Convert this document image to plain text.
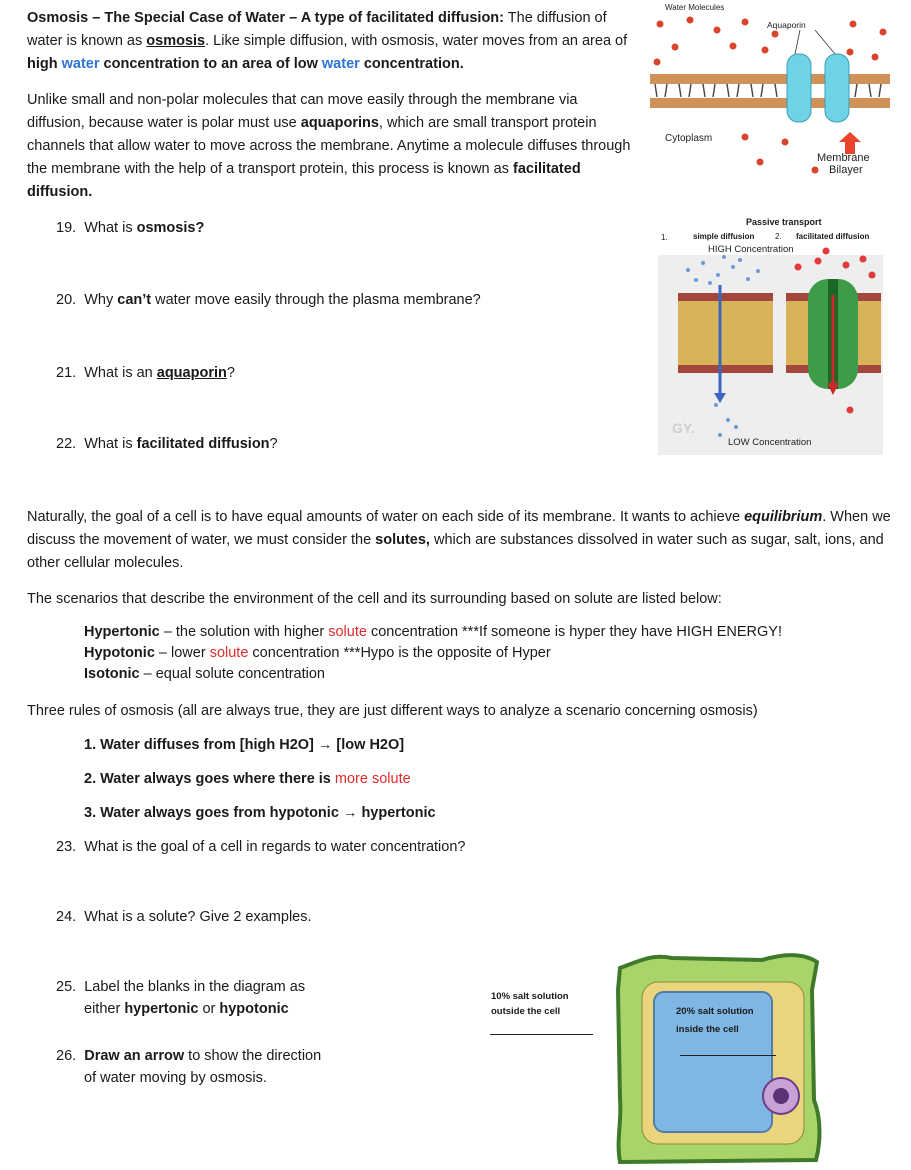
Osmosis – The Special Case of Water – A type of facilitated diffusion: The diffusion of water is known as osmosis. Like simple diffusion, with osmosis, water moves from an area of high water concentration to an area of low water concentration.
Unlike small and non-polar molecules that can move easily through the membrane via diffusion, because water is polar must use aquaporins, which are small transport protein channels that allow water to move across the membrane. Anytime a molecule diffuses through the membrane with the help of a transport protein, this process is known as facilitated diffusion.
19. What is osmosis?
20. Why can’t water move easily through the plasma membrane?
21. What is an aquaporin?
22. What is facilitated diffusion?
Water Molecules
Aquaporin
Cytoplasm
Membrane
Bilayer
Passive transport
1.	simple diffusion	2. facilitated diffusion
HIGH Concentration
LOW Concentration
GY.
Naturally, the goal of a cell is to have equal amounts of water on each side of its membrane. It wants to achieve equilibrium. When we discuss the movement of water, we must consider the solutes, which are substances dissolved in water such as sugar, salt, ions, and other cellular molecules.
The scenarios that describe the environment of the cell and its surrounding based on solute are listed below:
Hypertonic – the solution with higher solute concentration ***If someone is hyper they have HIGH ENERGY!
Hypotonic – lower solute concentration ***Hypo is the opposite of Hyper
Isotonic – equal solute concentration
Three rules of osmosis (all are always true, they are just different ways to analyze a scenario concerning osmosis)
1. Water diffuses from [high H2O] → [low H2O]
2. Water always goes where there is more solute
3. Water always goes from hypotonic → hypertonic
23. What is the goal of a cell in regards to water concentration?
24. What is a solute? Give 2 examples.
25. Label the blanks in the diagram as
either hypertonic or hypotonic
26. Draw an arrow to show the direction
of water moving by osmosis.
10% salt solution
outside the cell	20% salt solution
inside the cell
